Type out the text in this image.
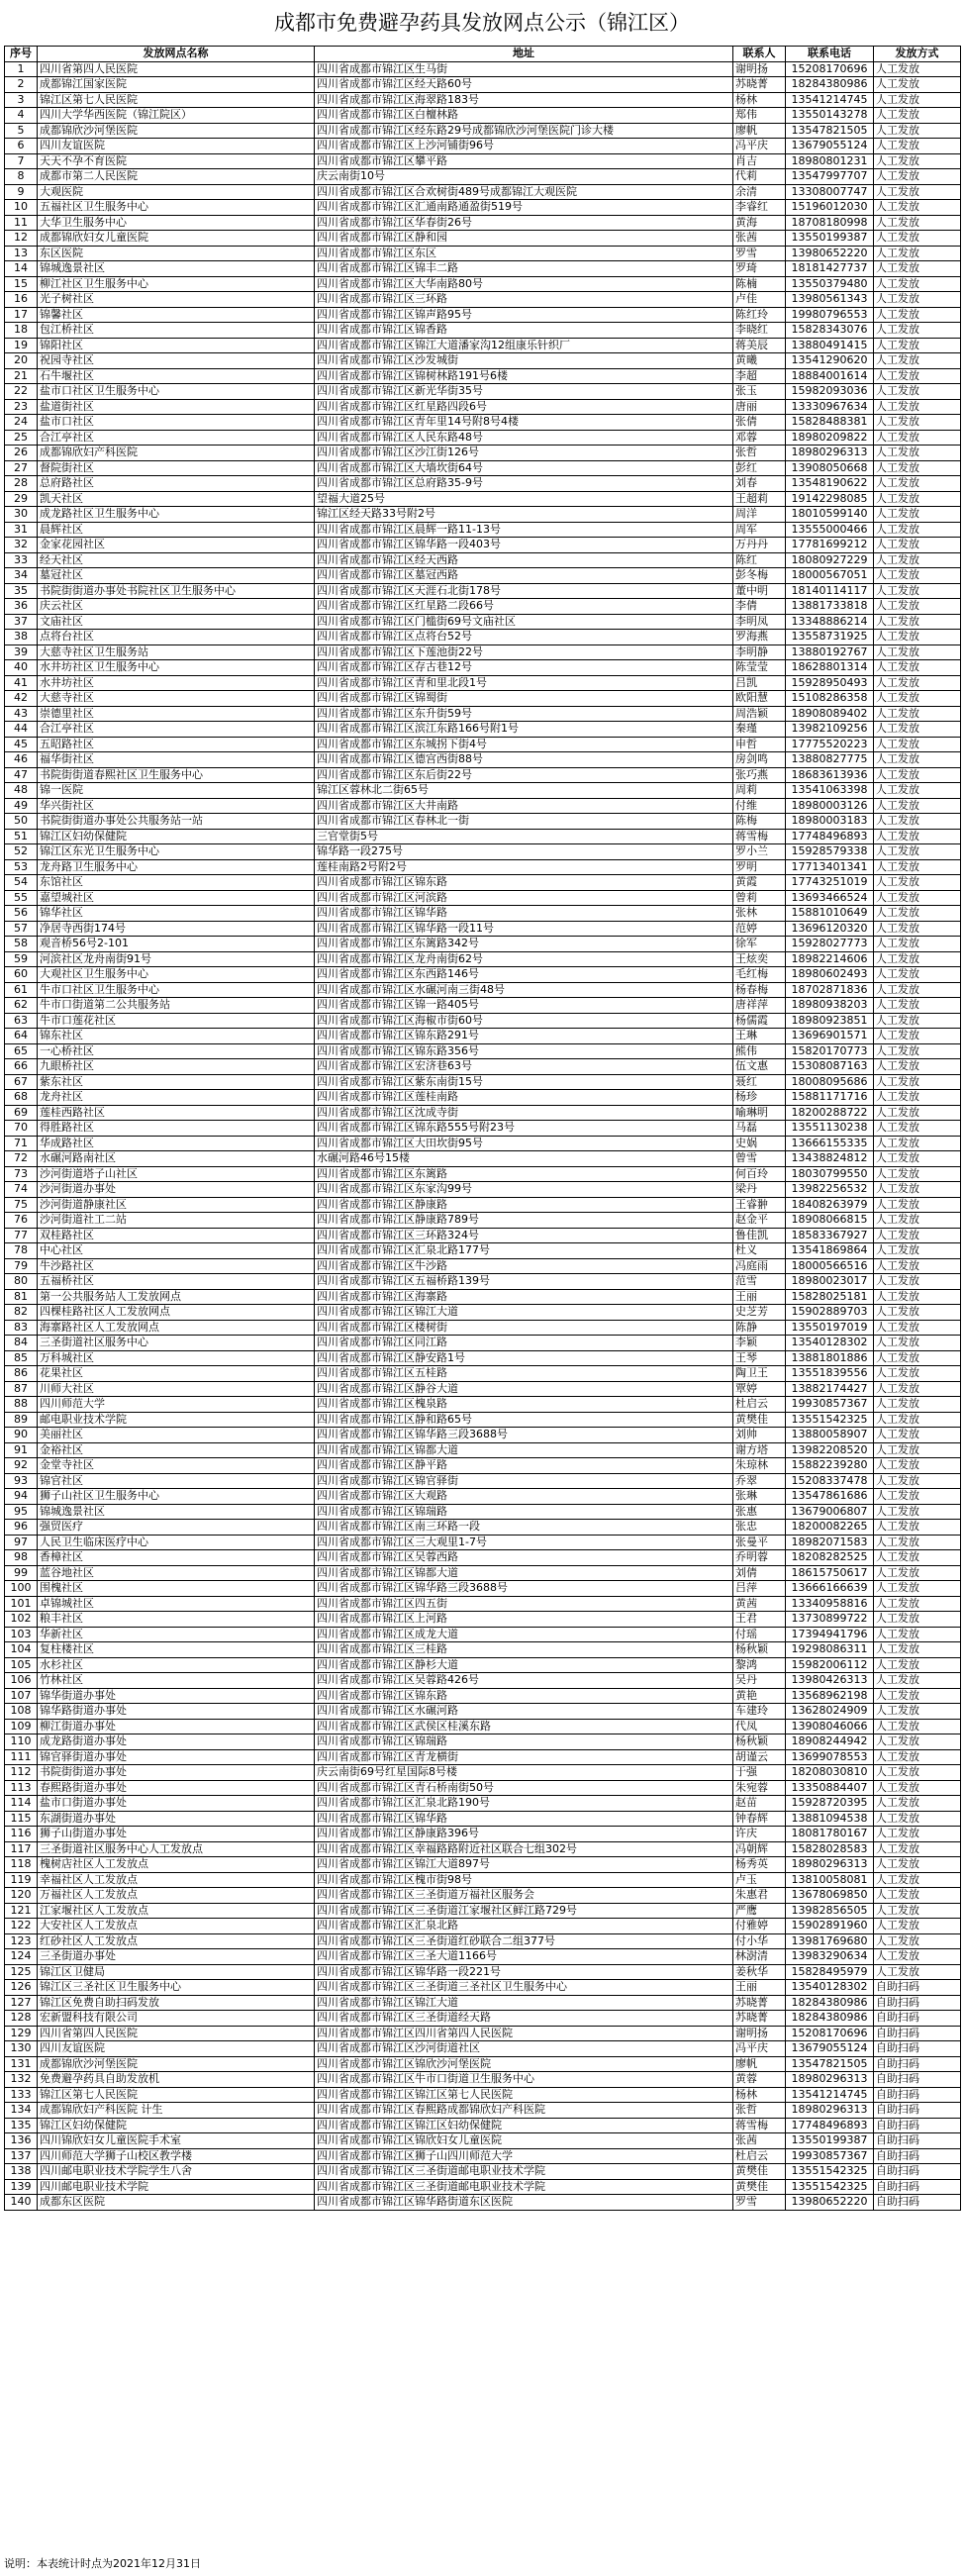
成都市免费避孕药具发放网点公示（锦江区）
序号	发放网点名称	地址	联系人	联系电话	发放方式
1	四川省第四人民医院	四川省成都市锦江区生马街	谢明扬	15208170696	人工发放
2	成都锦江国家医院	四川省成都市锦江区经天路60号	苏晓菁	18284380986	人工发放
3	锦江区第七人民医院	四川省成都市锦江区海翠路183号	杨林	13541214745	人工发放
4	四川大学华西医院（锦江院区）	四川省成都市锦江区白檀林路	郑伟	13550143278	人工发放
5	成都锦欣沙河堡医院	四川省成都市锦江区经东路29号成都锦欣沙河堡医院门诊大楼	廖帆	13547821505	人工发放
6	四川友谊医院	四川省成都市锦江区上沙河铺街96号	冯平庆	13679055124	人工发放
7	天天不孕不育医院	四川省成都市锦江区攀平路	肖吉	18980801231	人工发放
8	成都市第二人民医院	庆云南街10号	代莉	13547997707	人工发放
9	大观医院	四川省成都市锦江区合欢树街489号成都锦江大观医院	余清	13308007747	人工发放
10	五福社区卫生服务中心	四川省成都市锦江区汇通南路通盈街519号	李睿红	15196012030	人工发放
11	大华卫生服务中心	四川省成都市锦江区华春街26号	黄海	18708180998	人工发放
12	成都锦欣妇女儿童医院	四川省成都市锦江区静和园	张茜	13550199387	人工发放
13	东区医院	四川省成都市锦江区东区	罗雪	13980652220	人工发放
14	锦城逸景社区	四川省成都市锦江区锦丰二路	罗琦	18181427737	人工发放
15	柳江社区卫生服务中心	四川省成都市锦江区大华南路80号	陈楠	13550379480	人工发放
16	光子树社区	四川省成都市锦江区三环路	卢佳	13980561343	人工发放
17	锦馨社区	四川省成都市锦江区锦声路95号	陈红玲	19980796553	人工发放
18	包江桥社区	四川省成都市锦江区锦香路	李晓红	15828343076	人工发放
19	锦阳社区	四川省成都市锦江区锦江大道潘家沟12组康乐针织厂	蒋美辰	13880491415	人工发放
20	祝园寺社区	四川省成都市锦江区沙发城街	黄曦	13541290620	人工发放
21	石牛堰社区	四川省成都市锦江区锦树林路191号6楼	李超	18884001614	人工发放
22	盐市口社区卫生服务中心	四川省成都市锦江区新光华街35号	张玉	15982093036	人工发放
23	盐道街社区	四川省成都市锦江区红星路四段6号	唐丽	13330967634	人工发放
24	盐市口社区	四川省成都市锦江区青年里14号附8号4楼	张倩	15828488381	人工发放
25	合江亭社区	四川省成都市锦江区人民东路48号	邓蓉	18980209822	人工发放
26	成都锦欣妇产科医院	四川省成都市锦江区沙江街126号	张哲	18980296313	人工发放
27	督院街社区	四川省成都市锦江区大墙坎街64号	彭红	13908050668	人工发放
28	总府路社区	四川省成都市锦江区总府路35-9号	刘春	13548190622	人工发放
29	凯天社区	望福大道25号	王超莉	19142298085	人工发放
30	成龙路社区卫生服务中心	锦江区经天路33号附2号	周洋	18010599140	人工发放
31	晨辉社区	四川省成都市锦江区晨辉一路11-13号	周军	13555000466	人工发放
32	金家花园社区	四川省成都市锦江区锦华路一段403号	万丹丹	17781699212	人工发放
33	经天社区	四川省成都市锦江区经天西路	陈红	18080927229	人工发放
34	墓冠社区	四川省成都市锦江区墓冠西路	彭冬梅	18000567051	人工发放
35	书院街街道办事处书院社区卫生服务中心	四川省成都市锦江区天涯石北街178号	董中明	18140114117	人工发放
36	庆云社区	四川省成都市锦江区红星路二段66号	李倩	13881733818	人工发放
37	文庙社区	四川省成都市锦江区门槛街69号文庙社区	李明凤	13348886214	人工发放
38	点将台社区	四川省成都市锦江区点将台52号	罗海燕	13558731925	人工发放
39	大慈寺社区卫生服务站	四川省成都市锦江区下莲池街22号	李明静	13880192767	人工发放
40	水井坊社区卫生服务中心	四川省成都市锦江区存古巷12号	陈莹莹	18628801314	人工发放
41	水井坊社区	四川省成都市锦江区青和里北段1号	吕凯	15928950493	人工发放
42	大慈寺社区	四川省成都市锦江区锦蜀街	欧阳慧	15108286358	人工发放
43	崇德里社区	四川省成都市锦江区东升街59号	周浩颖	18908089402	人工发放
44	合江亭社区	四川省成都市锦江区滨江东路166号附1号	秦瑾	13982109256	人工发放
45	五昭路社区	四川省成都市锦江区东城拐下街4号	申哲	17775520223	人工发放
46	福华街社区	四川省成都市锦江区德宫西街88号	房剑鸣	13880827775	人工发放
47	书院街街道春熙社区卫生服务中心	四川省成都市锦江区东后街22号	张巧燕	18683613936	人工发放
48	锦一医院	锦江区蓉林北二街65号	周莉	13541063398	人工发放
49	华兴街社区	四川省成都市锦江区大井南路	付维	18980003126	人工发放
50	书院街街道办事处公共服务站一站	四川省成都市锦江区春林北一街	陈梅	18980003183	人工发放
51	锦江区妇幼保健院	三官堂街5号	蒋雪梅	17748496893	人工发放
52	锦江区东光卫生服务中心	锦华路一段275号	罗小兰	15928579338	人工发放
53	龙舟路卫生服务中心	莲桂南路2号附2号	罗明	17713401341	人工发放
54	东馆社区	四川省成都市锦江区锦东路	黄霞	17743251019	人工发放
55	嘉望城社区	四川省成都市锦江区河滨路	曾莉	13693466524	人工发放
56	锦华社区	四川省成都市锦江区锦华路	张林	15881010649	人工发放
57	净居寺西街174号	四川省成都市锦江区锦华路一段11号	范婷	13696120320	人工发放
58	观音桥56号2-101	四川省成都市锦江区东篱路342号	徐军	15928027773	人工发放
59	河滨社区龙舟南街91号	四川省成都市锦江区龙舟南街62号	王炫奕	18982214606	人工发放
60	大观社区卫生服务中心	四川省成都市锦江区东西路146号	毛红梅	18980602493	人工发放
61	牛市口社区卫生服务中心	四川省成都市锦江区水碾河南三街48号	杨春梅	18702871836	人工发放
62	牛市口街道第二公共服务站	四川省成都市锦江区锦一路405号	唐祥萍	18980938203	人工发放
63	牛市口莲花社区	四川省成都市锦江区海椒市街60号	杨儒霞	18980923851	人工发放
64	锦东社区	四川省成都市锦江区锦东路291号	王琳	13696901571	人工发放
65	一心桥社区	四川省成都市锦江区锦东路356号	熊伟	15820170773	人工发放
66	九眼桥社区	四川省成都市锦江区宏济巷63号	伍文惠	15308087163	人工发放
67	紫东社区	四川省成都市锦江区紫东南街15号	聂红	18008095686	人工发放
68	龙舟社区	四川省成都市锦江区莲桂南路	杨珍	15881171716	人工发放
69	莲桂西路社区	四川省成都市锦江区沈成寺街	喻琳明	18200288722	人工发放
70	得胜路社区	四川省成都市锦江区锦东路555号附23号	马磊	13551130238	人工发放
71	华成路社区	四川省成都市锦江区大田坎街95号	史娲	13666155335	人工发放
72	水碾河路南社区	水碾河路46号15楼	曾雪	13438824812	人工发放
73	沙河街道塔子山社区	四川省成都市锦江区东篱路	何百玲	18030799550	人工发放
74	沙河街道办事处	四川省成都市锦江区东家沟99号	梁丹	13982256532	人工发放
75	沙河街道静康社区	四川省成都市锦江区静康路	王睿翀	18408263979	人工发放
76	沙河街道社工二站	四川省成都市锦江区静康路789号	赵金平	18908066815	人工发放
77	双桂路社区	四川省成都市锦江区三环路324号	鲁佳凯	18583367927	人工发放
78	中心社区	四川省成都市锦江区汇泉北路177号	杜义	13541869864	人工发放
79	牛沙路社区	四川省成都市锦江区牛沙路	冯庭雨	18000566516	人工发放
80	五福桥社区	四川省成都市锦江区五福桥路139号	范雪	18980023017	人工发放
81	第一公共服务站人工发放网点	四川省成都市锦江区海寨路	王丽	15828025181	人工发放
82	四棵桂路社区人工发放网点	四川省成都市锦江区锦江大道	史芝芳	15902889703	人工发放
83	海寨路社区人工发放网点	四川省成都市锦江区楼树街	陈静	13550197019	人工发放
84	三圣街道社区服务中心	四川省成都市锦江区同江路	李颖	13540128302	人工发放
85	万科城社区	四川省成都市锦江区静安路1号	王琴	13881801886	人工发放
86	花果社区	四川省成都市锦江区五桂路	陶卫王	13551839556	人工发放
87	川师大社区	四川省成都市锦江区静谷大道	覃婷	13882174427	人工发放
88	四川师范大学	四川省成都市锦江区槐泉路	杜启云	19930857367	人工发放
89	邮电职业技术学院	四川省成都市锦江区静和路65号	黄樊佳	13551542325	人工发放
90	美丽社区	四川省成都市锦江区锦华路三段3688号	刘帅	13880058907	人工发放
91	金裕社区	四川省成都市锦江区锦都大道	谢方塔	13982208520	人工发放
92	金堂寺社区	四川省成都市锦江区静平路	朱琼林	15882239280	人工发放
93	锦官社区	四川省成都市锦江区锦官驿街	乔翠	15208337478	人工发放
94	狮子山社区卫生服务中心	四川省成都市锦江区大观路	张琳	13547861686	人工发放
95	锦城逸景社区	四川省成都市锦江区锦瑞路	张惠	13679006807	人工发放
96	强贸医疗	四川省成都市锦江区南三环路一段	张忠	18200082265	人工发放
97	人民卫生临床医疗中心	四川省成都市锦江区三大观里1-7号	张曼平	18982071583	人工发放
98	香樟社区	四川省成都市锦江区吴蓉西路	乔明蓉	18208282525	人工发放
99	蓝谷地社区	四川省成都市锦江区锦都大道	刘倩	18615750617	人工发放
100	围槐社区	四川省成都市锦江区锦华路三段3688号	吕萍	13666166639	人工发放
101	卓锦城社区	四川省成都市锦江区四五街	黄茜	13340958816	人工发放
102	粮丰社区	四川省成都市锦江区上河路	王君	13730899722	人工发放
103	华新社区	四川省成都市锦江区成龙大道	付瑶	17394941796	人工发放
104	复柱楼社区	四川省成都市锦江区三桂路	杨秋颖	19298086311	人工发放
105	水杉社区	四川省成都市锦江区静杉大道	黎鸿	15982006112	人工发放
106	竹林社区	四川省成都市锦江区吴蓉路426号	吴丹	13980426313	人工发放
107	锦华街道办事处	四川省成都市锦江区锦东路	黄艳	13568962198	人工发放
108	锦华路街道办事处	四川省成都市锦江区水碾河路	车建玲	13628024909	人工发放
109	柳江街道办事处	四川省成都市锦江区武侯区桂溪东路	代凤	13908046066	人工发放
110	成龙路街道办事处	四川省成都市锦江区锦瑞路	杨秋颖	18908244942	人工发放
111	锦官驿街道办事处	四川省成都市锦江区青龙横街	胡谨云	13699078553	人工发放
112	书院街街道办事处	庆云南街69号红星国际8号楼	于强	18208030810	人工发放
113	春熙路街道办事处	四川省成都市锦江区青石桥南街50号	朱宛蓉	13350884407	人工发放
114	盐市口街道办事处	四川省成都市锦江区汇泉北路190号	赵苗	15928720395	人工发放
115	东湖街道办事处	四川省成都市锦江区锦华路	钟春辉	13881094538	人工发放
116	狮子山街道办事处	四川省成都市锦江区静康路396号	许庆	18081780167	人工发放
117	三圣街道社区服务中心人工发放点	四川省成都市锦江区幸福路路附近社区联合七组302号	冯朝辉	15828028583	人工发放
118	槐树店社区人工发放点	四川省成都市锦江区锦江大道897号	杨秀英	18980296313	人工发放
119	幸福社区人工发放点	四川省成都市锦江区槐市街98号	卢玉	13810058081	人工发放
120	万福社区人工发放点	四川省成都市锦江区三圣街道万福社区服务会	朱惠君	13678069850	人工发放
121	江家堰社区人工发放点	四川省成都市锦江区三圣街道江家堰社区鲜江路729号	严鹰	13982856505	人工发放
122	大安社区人工发放点	四川省成都市锦江区汇泉北路	付雅婷	15902891960	人工发放
123	红砂社区人工发放点	四川省成都市锦江区三圣街道红砂联合二组377号	付小华	13981769680	人工发放
124	三圣街道办事处	四川省成都市锦江区三圣大道1166号	林澍清	13983290634	人工发放
125	锦江区卫健局	四川省成都市锦江区锦华路一段221号	姜秋华	15828495979	人工发放
126	锦江区三圣社区卫生服务中心	四川省成都市锦江区三圣街道三圣社区卫生服务中心	王丽	13540128302	自助扫码
127	锦江区免费自助扫码发放	四川省成都市锦江区锦江大道	苏晓菁	18284380986	自助扫码
128	宏新盟科技有限公司	四川省成都市锦江区三圣街道经天路	苏晓菁	18284380986	自助扫码
129	四川省第四人民医院	四川省成都市锦江区四川省第四人民医院	谢明扬	15208170696	自助扫码
130	四川友谊医院	四川省成都市锦江区沙河街道社区	冯平庆	13679055124	自助扫码
131	成都锦欣沙河堡医院	四川省成都市锦江区锦欣沙河堡医院	廖帆	13547821505	自助扫码
132	免费避孕药具自助发放机	四川省成都市锦江区牛市口街道卫生服务中心	黄蓉	18980296313	自助扫码
133	锦江区第七人民医院	四川省成都市锦江区锦江区第七人民医院	杨林	13541214745	自助扫码
134	成都锦欣妇产科医院 计生	四川省成都市锦江区春熙路成都锦欣妇产科医院	张哲	18980296313	自助扫码
135	锦江区妇幼保健院	四川省成都市锦江区锦江区妇幼保健院	蒋雪梅	17748496893	自助扫码
136	四川锦欣妇女儿童医院手术室	四川省成都市锦江区锦欣妇女儿童医院	张茜	13550199387	自助扫码
137	四川师范大学狮子山校区教学楼	四川省成都市锦江区狮子山四川师范大学	杜启云	19930857367	自助扫码
138	四川邮电职业技术学院学生八舍	四川省成都市锦江区三圣街道邮电职业技术学院	黄樊佳	13551542325	自助扫码
139	四川邮电职业技术学院	四川省成都市锦江区三圣街道邮电职业技术学院	黄樊佳	13551542325	自助扫码
140	成都东区医院	四川省成都市锦江区锦华路街道东区医院	罗雪	13980652220	自助扫码
说明：本表统计时点为2021年12月31日
